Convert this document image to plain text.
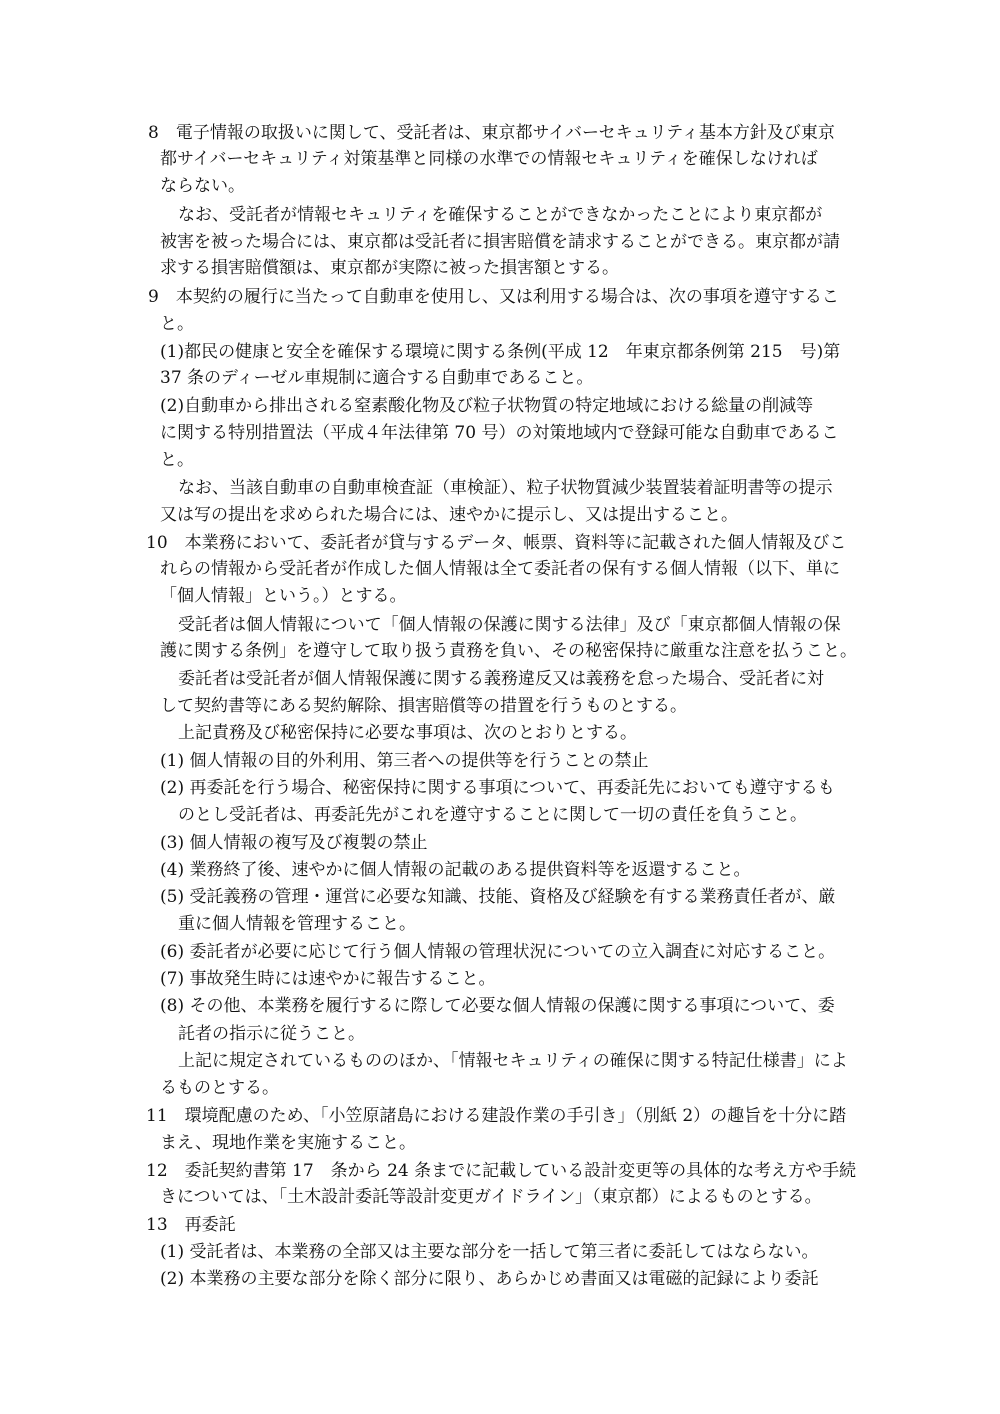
8　電子情報の取扱いに関して、受託者は、東京都サイバーセキュリティ基本方針及び東京
都サイバーセキュリティ対策基準と同様の水準での情報セキュリティを確保しなければ
ならない。
なお、受託者が情報セキュリティを確保することができなかったことにより東京都が
被害を被った場合には、東京都は受託者に損害賠償を請求することができる。東京都が請
求する損害賠償額は、東京都が実際に被った損害額とする。
9　本契約の履行に当たって自動車を使用し、又は利用する場合は、次の事項を遵守するこ
と。
(1)都民の健康と安全を確保する環境に関する条例(平成 12　年東京都条例第 215　号)第
37 条のディーゼル車規制に適合する自動車であること。
(2)自動車から排出される窒素酸化物及び粒子状物質の特定地域における総量の削減等
に関する特別措置法（平成４年法律第 70 号）の対策地域内で登録可能な自動車であるこ
と。
なお、当該自動車の自動車検査証（車検証）、粒子状物質減少装置装着証明書等の提示
又は写の提出を求められた場合には、速やかに提示し、又は提出すること。
10　本業務において、委託者が貸与するデータ、帳票、資料等に記載された個人情報及びこ
れらの情報から受託者が作成した個人情報は全て委託者の保有する個人情報（以下、単に
「個人情報」という。）とする。
受託者は個人情報について「個人情報の保護に関する法律」及び「東京都個人情報の保
護に関する条例」を遵守して取り扱う責務を負い、その秘密保持に厳重な注意を払うこと。
委託者は受託者が個人情報保護に関する義務違反又は義務を怠った場合、受託者に対
して契約書等にある契約解除、損害賠償等の措置を行うものとする。
上記責務及び秘密保持に必要な事項は、次のとおりとする。
(1) 個人情報の目的外利用、第三者への提供等を行うことの禁止
(2) 再委託を行う場合、秘密保持に関する事項について、再委託先においても遵守するも
のとし受託者は、再委託先がこれを遵守することに関して一切の責任を負うこと。
(3) 個人情報の複写及び複製の禁止
(4) 業務終了後、速やかに個人情報の記載のある提供資料等を返還すること。
(5) 受託義務の管理・運営に必要な知識、技能、資格及び経験を有する業務責任者が、厳
重に個人情報を管理すること。
(6) 委託者が必要に応じて行う個人情報の管理状況についての立入調査に対応すること。
(7) 事故発生時には速やかに報告すること。
(8) その他、本業務を履行するに際して必要な個人情報の保護に関する事項について、委
託者の指示に従うこと。
上記に規定されているもののほか、「情報セキュリティの確保に関する特記仕様書」によ
るものとする。
11　環境配慮のため、「小笠原諸島における建設作業の手引き」（別紙 2）の趣旨を十分に踏
まえ、現地作業を実施すること。
12　委託契約書第 17　条から 24 条までに記載している設計変更等の具体的な考え方や手続
きについては、「土木設計委託等設計変更ガイドライン」（東京都）によるものとする。
13　再委託
(1) 受託者は、本業務の全部又は主要な部分を一括して第三者に委託してはならない。
(2) 本業務の主要な部分を除く部分に限り、あらかじめ書面又は電磁的記録により委託
